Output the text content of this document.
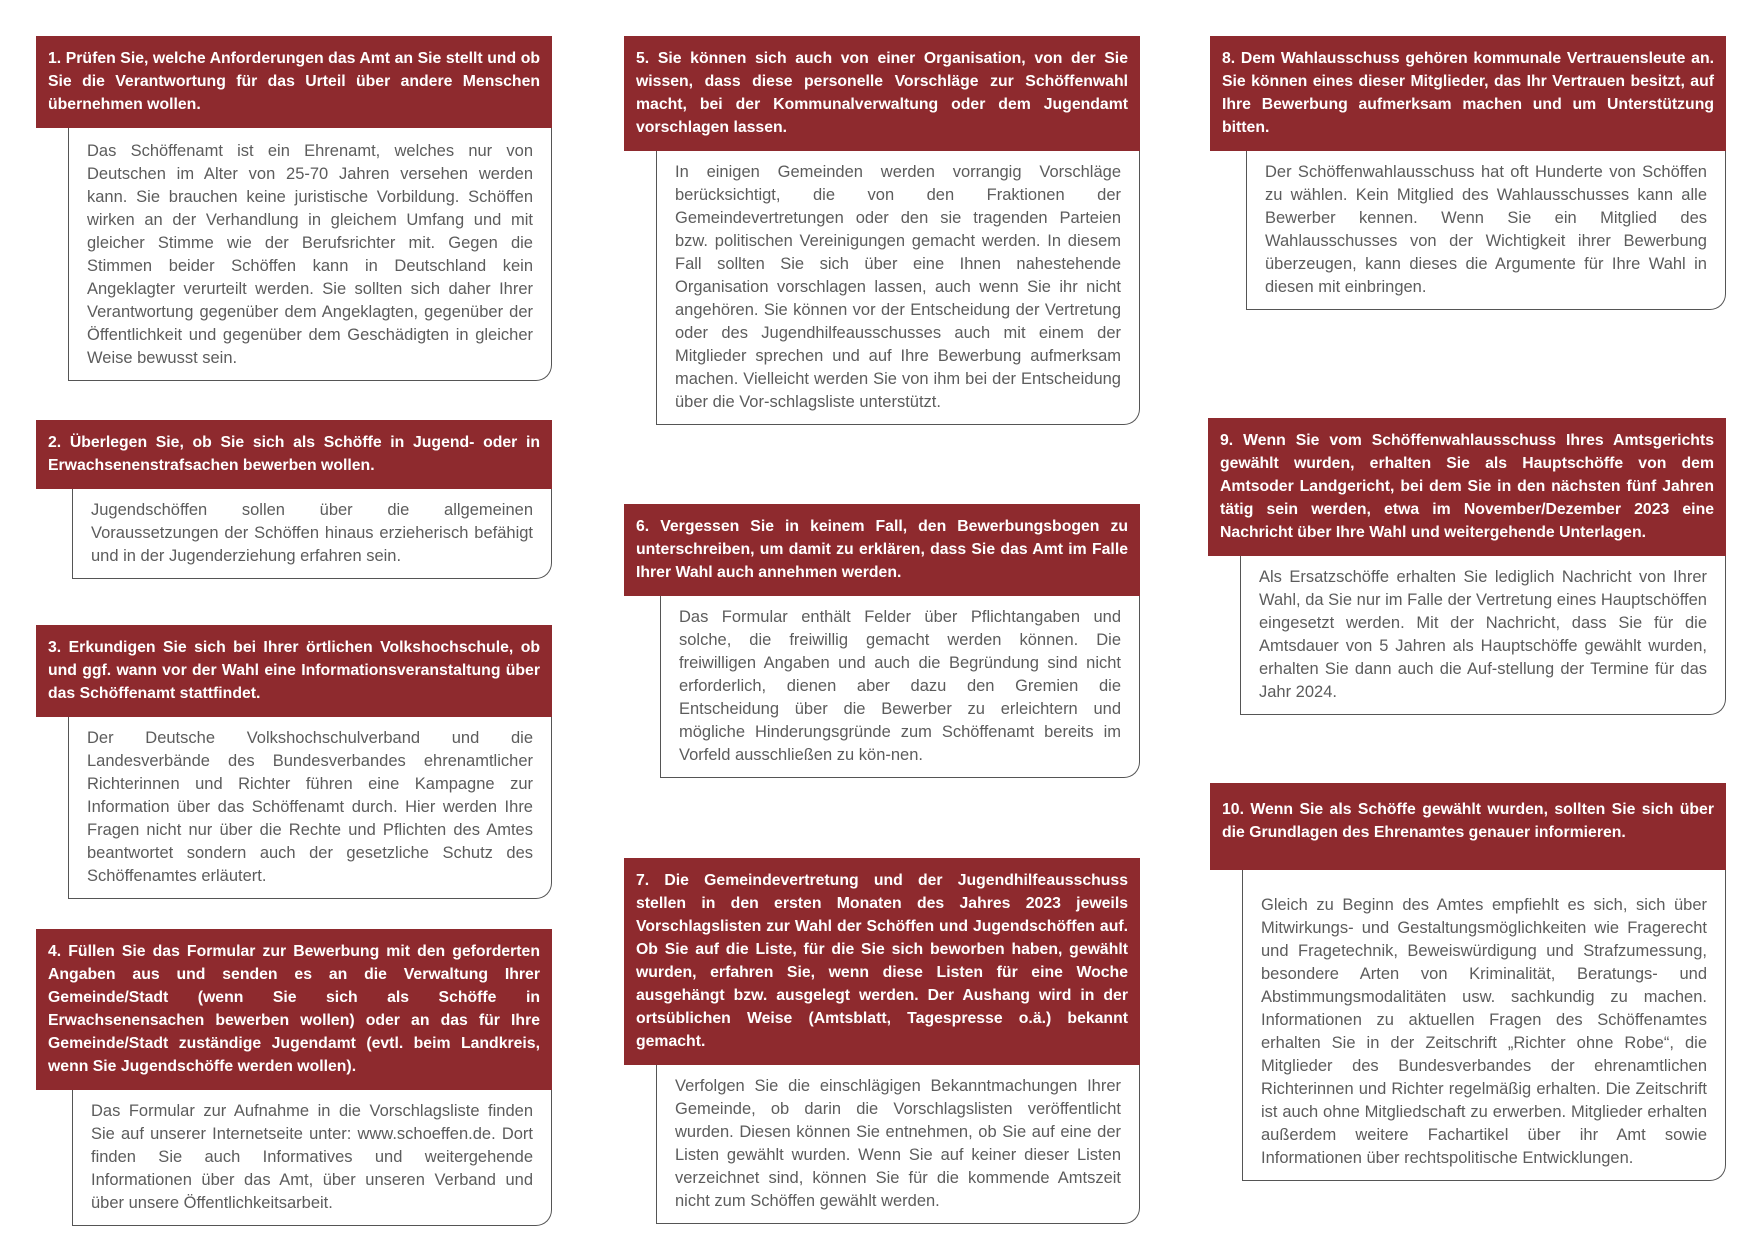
1. Prüfen Sie, welche Anforderungen das Amt an Sie stellt und ob Sie die Verantwortung für das Urteil über andere Menschen übernehmen wollen.
Das Schöffenamt ist ein Ehrenamt, welches nur von Deutschen im Alter von 25-70 Jahren versehen werden kann. Sie brauchen keine juristische Vorbildung. Schöffen wirken an der Verhandlung in gleichem Umfang und mit gleicher Stimme wie der Berufsrichter mit. Gegen die Stimmen beider Schöffen kann in Deutschland kein Angeklagter verurteilt werden. Sie sollten sich daher Ihrer Verantwortung gegenüber dem Angeklagten, gegenüber der Öffentlichkeit und gegenüber dem Geschädigten in gleicher Weise bewusst sein.
2. Überlegen Sie, ob Sie sich als Schöffe in Jugend- oder in Erwachsenenstrafsachen bewerben wollen.
Jugendschöffen sollen über die allgemeinen Voraussetzungen der Schöffen hinaus erzieherisch befähigt und in der Jugenderziehung erfahren sein.
3. Erkundigen Sie sich bei Ihrer örtlichen Volkshochschule, ob und ggf. wann vor der Wahl eine Informationsveranstaltung über das Schöffenamt stattfindet.
Der Deutsche Volkshochschulverband und die Landesverbände des Bundesverbandes ehrenamtlicher Richterinnen und Richter führen eine Kampagne zur Information über das Schöffenamt durch. Hier werden Ihre Fragen nicht nur über die Rechte und Pflichten des Amtes beantwortet sondern auch der gesetzliche Schutz des Schöffenamtes erläutert.
4. Füllen Sie das Formular zur Bewerbung mit den geforderten Angaben aus und senden es an die Verwaltung Ihrer Gemeinde/Stadt (wenn Sie sich als Schöffe in Erwachsenensachen bewerben wollen) oder an das für Ihre Gemeinde/Stadt zuständige Jugendamt (evtl. beim Landkreis, wenn Sie Jugendschöffe werden wollen).
Das Formular zur Aufnahme in die Vorschlagsliste finden Sie auf unserer Internetseite unter: www.schoeffen.de. Dort finden Sie auch Informatives und weitergehende Informationen über das Amt, über unseren Verband und über unsere Öffentlichkeitsarbeit.
5. Sie können sich auch von einer Organisation, von der Sie wissen, dass diese personelle Vorschläge zur Schöffenwahl macht, bei der Kommunalverwaltung oder dem Jugendamt vorschlagen lassen.
In einigen Gemeinden werden vorrangig Vorschläge berücksichtigt, die von den Fraktionen der Gemeindevertretungen oder den sie tragenden Parteien bzw. politischen Vereinigungen gemacht werden. In diesem Fall sollten Sie sich über eine Ihnen nahestehende Organisation vorschlagen lassen, auch wenn Sie ihr nicht angehören. Sie können vor der Entscheidung der Vertretung oder des Jugendhilfeausschusses auch mit einem der Mitglieder sprechen und auf Ihre Bewerbung aufmerksam machen. Vielleicht werden Sie von ihm bei der Entscheidung über die Vor-schlagsliste unterstützt.
6. Vergessen Sie in keinem Fall, den Bewerbungsbogen zu unterschreiben, um damit zu erklären, dass Sie das Amt im Falle Ihrer Wahl auch annehmen werden.
Das Formular enthält Felder über Pflichtangaben und solche, die freiwillig gemacht werden können. Die freiwilligen Angaben und auch die Begründung sind nicht erforderlich, dienen aber dazu den Gremien die Entscheidung über die Bewerber zu erleichtern und mögliche Hinderungsgründe zum Schöffenamt bereits im Vorfeld ausschließen zu kön-nen.
7. Die Gemeindevertretung und der Jugendhilfeausschuss stellen in den ersten Monaten des Jahres 2023 jeweils Vorschlagslisten zur Wahl der Schöffen und Jugendschöffen auf. Ob Sie auf die Liste, für die Sie sich beworben haben, gewählt wurden, erfahren Sie, wenn diese Listen für eine Woche ausgehängt bzw. ausgelegt werden. Der Aushang wird in der ortsüblichen Weise (Amtsblatt, Tagespresse o.ä.) bekannt gemacht.
Verfolgen Sie die einschlägigen Bekanntmachungen Ihrer Gemeinde, ob darin die Vorschlagslisten veröffentlicht wurden. Diesen können Sie entnehmen, ob Sie auf eine der Listen gewählt wurden. Wenn Sie auf keiner dieser Listen verzeichnet sind, können Sie für die kommende Amtszeit nicht zum Schöffen gewählt werden.
8. Dem Wahlausschuss gehören kommunale Vertrauensleute an. Sie können eines dieser Mitglieder, das Ihr Vertrauen besitzt, auf Ihre Bewerbung aufmerksam machen und um Unterstützung bitten.
Der Schöffenwahlausschuss hat oft Hunderte von Schöffen zu wählen. Kein Mitglied des Wahlausschusses kann alle Bewerber kennen. Wenn Sie ein Mitglied des Wahlausschusses von der Wichtigkeit ihrer Bewerbung überzeugen, kann dieses die Argumente für Ihre Wahl in diesen mit einbringen.
9. Wenn Sie vom Schöffenwahlausschuss Ihres Amtsgerichts gewählt wurden, erhalten Sie als Hauptschöffe von dem Amtsoder Landgericht, bei dem Sie in den nächsten fünf Jahren tätig sein werden, etwa im November/Dezember 2023 eine Nachricht über Ihre Wahl und weitergehende Unterlagen.
Als Ersatzschöffe erhalten Sie lediglich Nachricht von Ihrer Wahl, da Sie nur im Falle der Vertretung eines Hauptschöffen eingesetzt werden. Mit der Nachricht, dass Sie für die Amtsdauer von 5 Jahren als Hauptschöffe gewählt wurden, erhalten Sie dann auch die Auf-stellung der Termine für das Jahr 2024.
10. Wenn Sie als Schöffe gewählt wurden, sollten Sie sich über die Grundlagen des Ehrenamtes genauer informieren.
Gleich zu Beginn des Amtes empfiehlt es sich, sich über Mitwirkungs- und Gestaltungsmöglichkeiten wie Fragerecht und Fragetechnik, Beweiswürdigung und Strafzumessung, besondere Arten von Kriminalität, Beratungs- und Abstimmungsmodalitäten usw. sachkundig zu machen. Informationen zu aktuellen Fragen des Schöffenamtes erhalten Sie in der Zeitschrift „Richter ohne Robe“, die Mitglieder des Bundesverbandes der ehrenamtlichen Richterinnen und Richter regelmäßig erhalten. Die Zeitschrift ist auch ohne Mitgliedschaft zu erwerben. Mitglieder erhalten außerdem weitere Fachartikel über ihr Amt sowie Informationen über rechtspolitische Entwicklungen.
